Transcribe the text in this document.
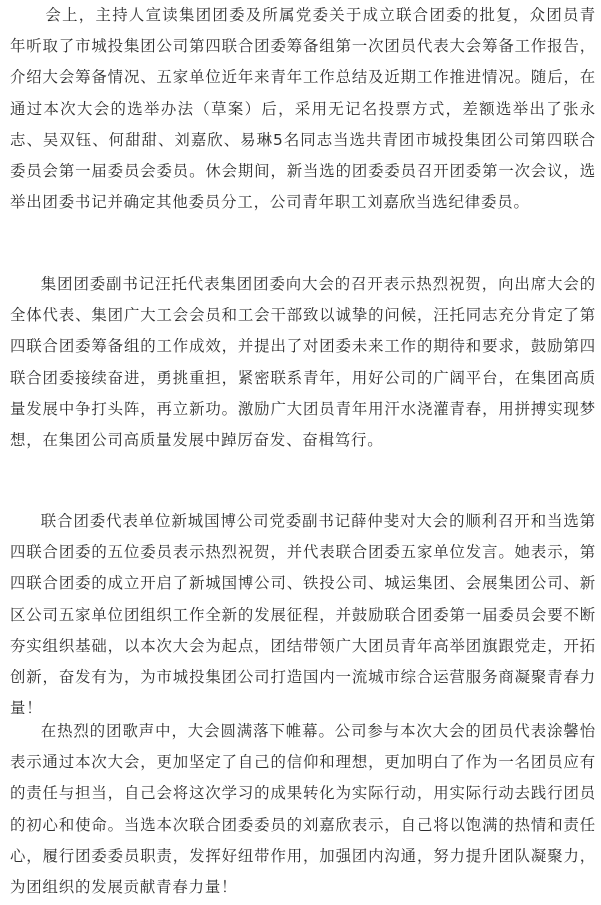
会上，主持人宣读集团团委及所属党委关于成立联合团委的批复，众团员青年听取了市城投集团公司第四联合团委筹备组第一次团员代表大会筹备工作报告，介绍大会筹备情况、五家单位近年来青年工作总结及近期工作推进情况。随后，在通过本次大会的选举办法（草案）后，采用无记名投票方式，差额选举出了张永志、吴双钰、何甜甜、刘嘉欣、易琳5名同志当选共青团市城投集团公司第四联合委员会第一届委员会委员。休会期间，新当选的团委委员召开团委第一次会议，选举出团委书记并确定其他委员分工，公司青年职工刘嘉欣当选纪律委员。

集团团委副书记汪托代表集团团委向大会的召开表示热烈祝贺，向出席大会的全体代表、集团广大工会会员和工会干部致以诚挚的问候，汪托同志充分肯定了第四联合团委筹备组的工作成效，并提出了对团委未来工作的期待和要求，鼓励第四联合团委接续奋进，勇挑重担，紧密联系青年，用好公司的广阔平台，在集团高质量发展中争打头阵，再立新功。激励广大团员青年用汗水浇灌青春，用拼搏实现梦想，在集团公司高质量发展中踔厉奋发、奋楫笃行。

联合团委代表单位新城国博公司党委副书记薛仲斐对大会的顺利召开和当选第四联合团委的五位委员表示热烈祝贺，并代表联合团委五家单位发言。她表示，第四联合团委的成立开启了新城国博公司、铁投公司、城运集团、会展集团公司、新区公司五家单位团组织工作全新的发展征程，并鼓励联合团委第一届委员会要不断夯实组织基础，以本次大会为起点，团结带领广大团员青年高举团旗跟党走，开拓创新，奋发有为，为市城投集团公司打造国内一流城市综合运营服务商凝聚青春力量！

在热烈的团歌声中，大会圆满落下帷幕。公司参与本次大会的团员代表涂馨怡表示通过本次大会，更加坚定了自己的信仰和理想，更加明白了作为一名团员应有的责任与担当，自己会将这次学习的成果转化为实际行动，用实际行动去践行团员的初心和使命。当选本次联合团委委员的刘嘉欣表示，自己将以饱满的热情和责任心，履行团委委员职责，发挥好纽带作用，加强团内沟通，努力提升团队凝聚力，为团组织的发展贡献青春力量！
